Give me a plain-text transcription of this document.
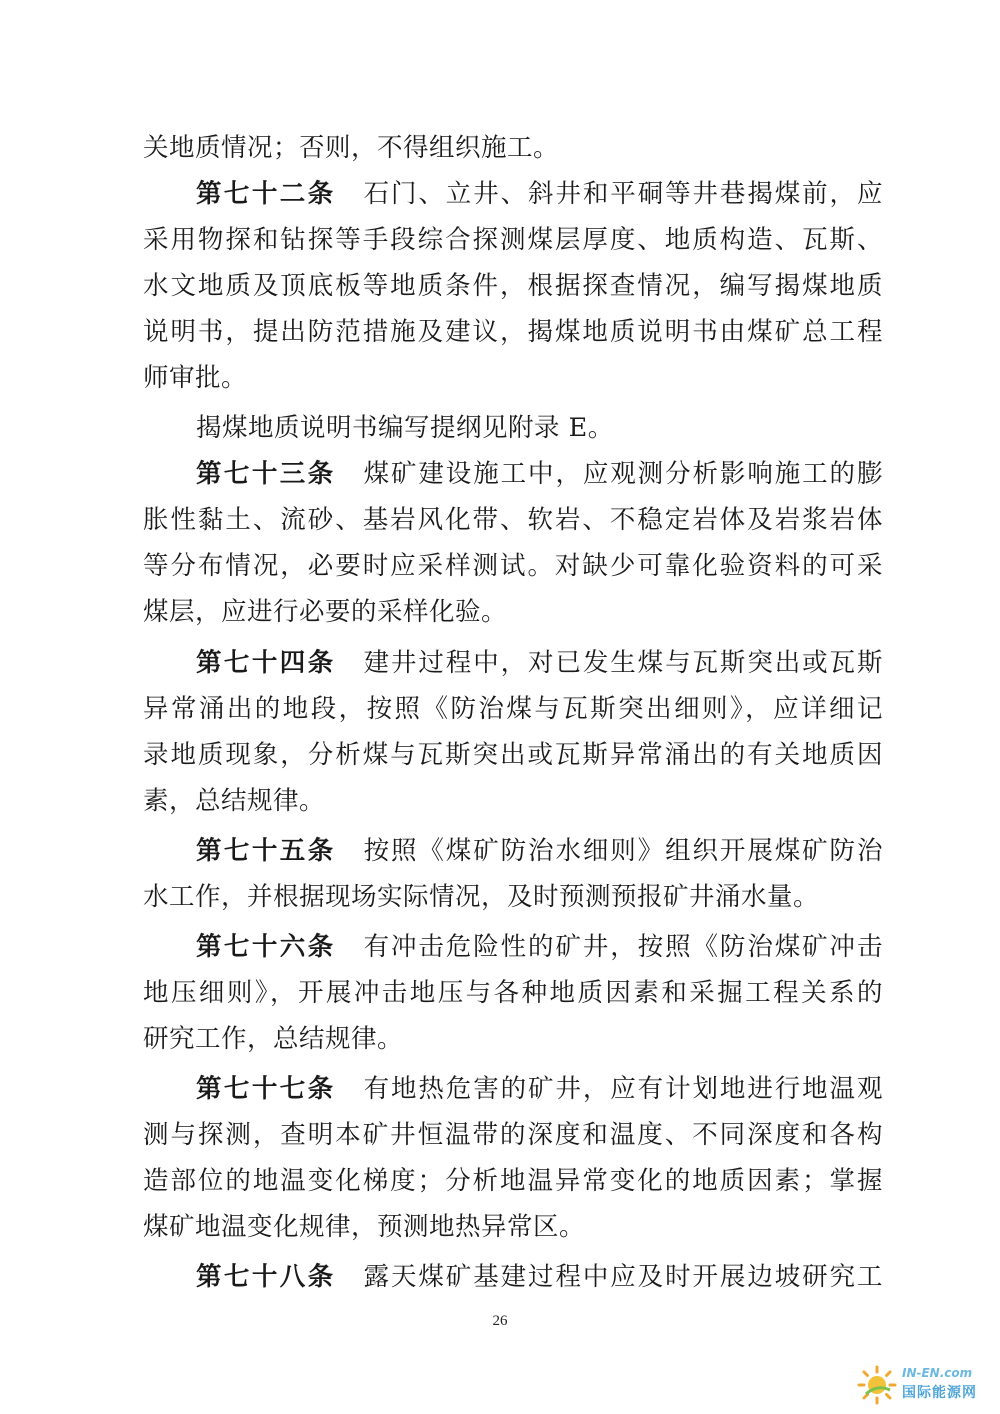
关地质情况；否则，不得组织施工。
第七十二条 石门、立井、斜井和平硐等井巷揭煤前，应
采用物探和钻探等手段综合探测煤层厚度、地质构造、瓦斯、
水文地质及顶底板等地质条件，根据探查情况，编写揭煤地质
说明书，提出防范措施及建议，揭煤地质说明书由煤矿总工程
师审批。
揭煤地质说明书编写提纲见附录 E。
第七十三条 煤矿建设施工中，应观测分析影响施工的膨
胀性黏土、流砂、基岩风化带、软岩、不稳定岩体及岩浆岩体
等分布情况，必要时应采样测试。对缺少可靠化验资料的可采
煤层，应进行必要的采样化验。
第七十四条 建井过程中，对已发生煤与瓦斯突出或瓦斯
异常涌出的地段，按照《防治煤与瓦斯突出细则》，应详细记
录地质现象，分析煤与瓦斯突出或瓦斯异常涌出的有关地质因
素，总结规律。
第七十五条 按照《煤矿防治水细则》组织开展煤矿防治
水工作，并根据现场实际情况，及时预测预报矿井涌水量。
第七十六条 有冲击危险性的矿井，按照《防治煤矿冲击
地压细则》，开展冲击地压与各种地质因素和采掘工程关系的
研究工作，总结规律。
第七十七条 有地热危害的矿井，应有计划地进行地温观
测与探测，查明本矿井恒温带的深度和温度、不同深度和各构
造部位的地温变化梯度；分析地温异常变化的地质因素；掌握
煤矿地温变化规律，预测地热异常区。
第七十八条 露天煤矿基建过程中应及时开展边坡研究工
26
IN-EN.com
国际能源网
